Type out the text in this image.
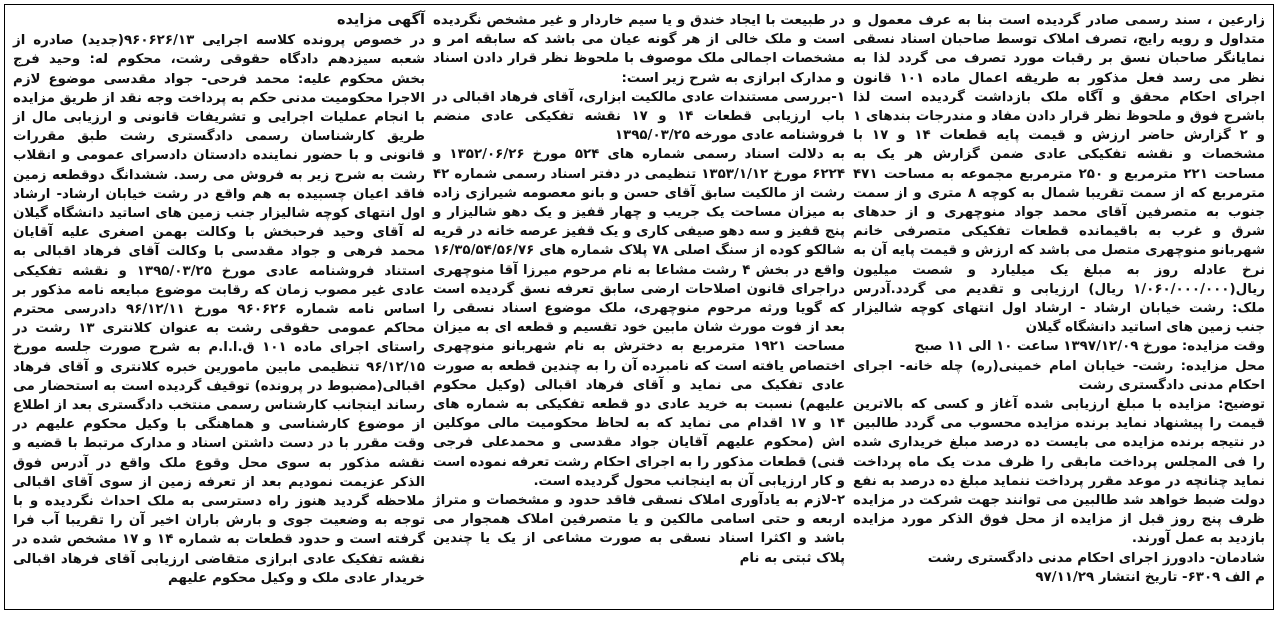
آگهی مزایده

در خصوص پرونده کلاسه اجرایی ۹۶۰۶۲۶/۱۳(جدید) صادره از شعبه سیزدهم دادگاه حقوقی رشت، محکوم له: وحید فرج بخش محکوم علیه: محمد فرحی- جواد مقدسی موضوع لازم الاجرا محکومیت مدنی حکم به پرداخت وجه نقد از طریق مزایده با انجام عملیات اجرایی و تشریفات قانونی و ارزیابی مال از طریق کارشناسان رسمی دادگستری رشت طبق مقررات قانونی و با حضور نماینده دادستان دادسرای عمومی و انقلاب رشت به شرح زیر به فروش می رسد. ششدانگ دوقطعه زمین فاقد اعیان چسبیده به هم واقع در رشت خیابان ارشاد- ارشاد اول انتهای کوچه شالیزار جنب زمین های اساتید دانشگاه گیلان له آقای وحید فرحبخش با وکالت بهمن اصغری علیه آقایان محمد فرهی و جواد مقدسی با وکالت آقای فرهاد اقبالی به استناد فروشنامه عادی مورخ ۱۳۹۵/۰۳/۲۵ و نقشه تفکیکی عادی غیر مصوب زمان که رقابت موضوع مبایعه نامه مذکور بر اساس نامه شماره ۹۶۰۶۲۶ مورخ ۹۶/۱۲/۱۱ دادرسی محترم محاکم عمومی حقوقی رشت به عنوان کلانتری ۱۳ رشت در راستای اجرای ماده ۱۰۱ ق.ا.ا.م به شرح صورت جلسه مورخ ۹۶/۱۲/۱۵ تنظیمی مابین مامورین خبره کلانتری و آقای فرهاد اقبالی(مضبوط در پرونده) توقیف گردیده است به استحضار می رساند اینجانب کارشناس رسمی منتخب دادگستری بعد از اطلاع از موضوع کارشناسی و هماهنگی با وکیل محکوم علیهم در وقت مقرر با در دست داشتن اسناد و مدارک مرتبط با قضیه و نقشه مذکور به سوی محل وقوع ملک واقع در آدرس فوق الذکر عزیمت نمودیم بعد از تعرفه زمین از سوی آقای اقبالی ملاحظه گردید هنوز راه دسترسی به ملک احداث نگردیده و با توجه به وضعیت جوی و بارش باران اخیر آن را تقریبا آب فرا گرفته است و حدود قطعات به شماره ۱۴ و ۱۷ مشخص شده در نقشه تفکیک عادی ابرازی متقاضی ارزیابی آقای فرهاد اقبالی خریدار عادی ملک و وکیل محکوم علیهم

در طبیعت با ایجاد خندق و یا سیم خاردار و غیر مشخص نگردیده است و ملک خالی از هر گونه عیان می باشد که سابقه امر و مشخصات اجمالی ملک موصوف با ملحوظ نظر قرار دادن اسناد و مدارک ابرازی به شرح زیر است:
۱-بررسی مستندات عادی مالکیت ابزاری، آقای فرهاد اقبالی در باب ارزیابی قطعات ۱۴ و ۱۷ نقشه تفکیکی عادی منضم فروشنامه عادی مورخه ۱۳۹۵/۰۳/۲۵
به دلالت اسناد رسمی شماره های ۵۲۴ مورخ ۱۳۵۲/۰۶/۲۶ و ۶۲۲۴ مورخ ۱۳۵۳/۱/۱۲ تنظیمی در دفتر اسناد رسمی شماره ۴۲ رشت از مالکیت سابق آقای حسن و بانو معصومه شیرازی زاده به میزان مساحت یک جریب و چهار قفیز و یک دهو شالیزار و پنج قفیز و سه دهو صیفی کاری و یک قفیز عرصه خانه در قریه شالکو کوده از سنگ اصلی ۷۸ پلاک شماره های ۱۶/۳۵/۵۴/۵۶/۷۶ واقع در بخش ۴ رشت مشاعا به نام مرحوم میرزا آقا منوچهری دراجرای قانون اصلاحات ارضی سابق تعرفه نسق گردیده است که گویا ورثه مرحوم منوچهری، ملک موضوع اسناد نسقی را بعد از فوت مورث شان مابین خود تقسیم و قطعه ای به میزان مساحت ۱۹۲۱ مترمربع به دخترش به نام شهربانو منوچهری اختصاص یافته است که نامبرده آن را به چندین قطعه به صورت عادی تفکیک می نماید و آقای فرهاد اقبالی (وکیل محکوم علیهم) نسبت به خرید عادی دو قطعه تفکیکی به شماره های ۱۴ و ۱۷ اقدام می نماید که به لحاظ محکومیت مالی موکلین اش (محکوم علیهم آقایان جواد مقدسی و محمدعلی فرجی قنی) قطعات مذکور را به اجرای احکام رشت تعرفه نموده است و کار ارزیابی آن به اینجانب محول گردیده است.
۲-لازم به یادآوری املاک نسقی فاقد حدود و مشخصات و متراژ اربعه و حتی اسامی مالکین و یا متصرفین املاک همجوار می باشد و اکثرا اسناد نسقی به صورت مشاعی از یک یا چندین پلاک ثبتی به نام

زارعین ، سند رسمی صادر گردیده است بنا به عرف معمول و متداول و رویه رایج، تصرف املاک توسط صاحبان اسناد نسقی نمایانگر صاحبان نسق بر رقبات مورد تصرف می گردد لذا به نظر می رسد فعل مذکور به طریقه اعمال ماده ۱۰۱ قانون اجرای احکام محقق و آگاه ملک بازداشت گردیده است لذا باشرح فوق و ملحوظ نظر قرار دادن مفاد و مندرجات بندهای ۱ و ۲ گزارش حاضر ارزش و قیمت پایه قطعات ۱۴ و ۱۷ با مشخصات و نقشه تفکیکی عادی ضمن گزارش هر یک به مساحت ۲۲۱ مترمربع و ۲۵۰ مترمربع مجموعه به مساحت ۴۷۱ مترمربع که از سمت تقریبا شمال به کوچه ۸ متری و از سمت جنوب به متصرفین آقای محمد جواد منوچهری و از حدهای شرق و غرب به باقیمانده قطعات تفکیکی متصرفی خانم شهربانو منوچهری متصل می باشد که ارزش و قیمت پایه آن به نرخ عادله روز به مبلغ یک میلیارد و شصت میلیون ریال(۱/۰۶۰/۰۰۰/۰۰۰ ریال) ارزیابی و تقدیم می گردد.آدرس ملک: رشت خیابان ارشاد - ارشاد اول انتهای کوچه شالیزار جنب زمین های اساتید دانشگاه گیلان
وقت مزایده: مورخ ۱۳۹۷/۱۲/۰۹ ساعت ۱۰ الی ۱۱ صبح
محل مزایده: رشت- خیابان امام خمینی(ره) چله خانه- اجرای احکام مدنی دادگستری رشت
توضیح: مزایده با مبلغ ارزیابی شده آغاز و کسی که بالاترین قیمت را پیشنهاد نماید برنده مزایده محسوب می گردد طالبین در نتیجه برنده مزایده می بایست ده درصد مبلغ خریداری شده را فی المجلس پرداخت مابقی را ظرف مدت یک ماه پرداخت نماید چنانچه در موعد مقرر پرداخت ننماید مبلغ ده درصد به نفع دولت ضبط خواهد شد طالبین می توانند جهت شرکت در مزایده ظرف پنج روز قبل از مزایده از محل فوق الذکر مورد مزایده بازدید به عمل آورند.
شادمان- دادورز اجرای احکام مدنی دادگستری رشت
م الف ۶۳۰۹- تاریخ انتشار ۹۷/۱۱/۲۹
